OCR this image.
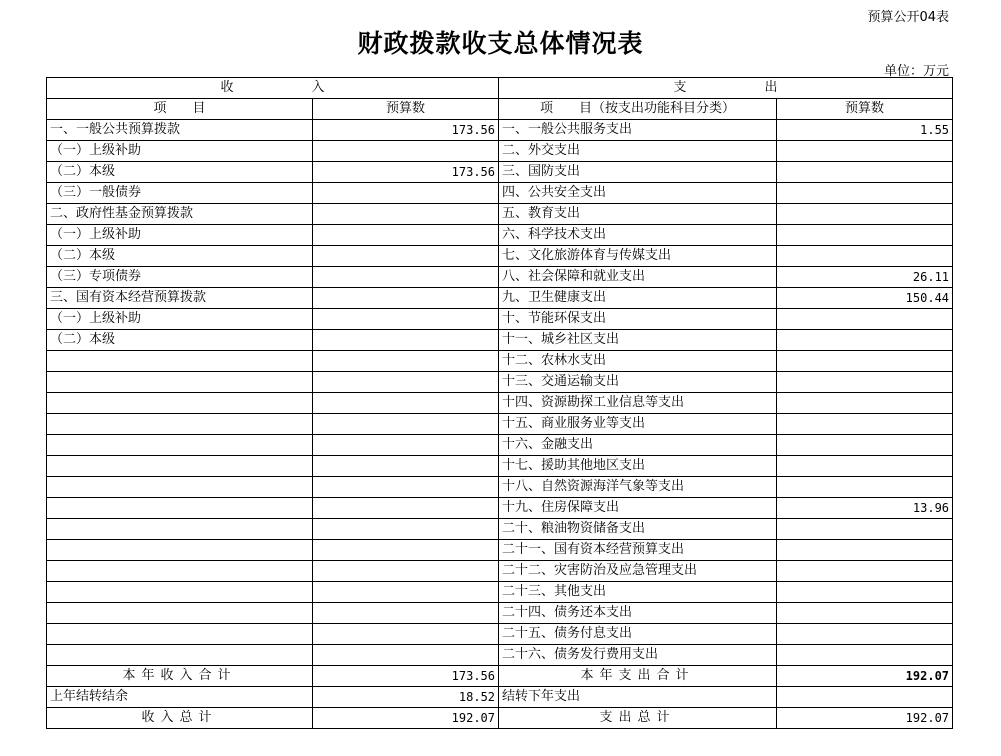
预算公开04表
财政拨款收支总体情况表
单位：万元
收　　　　　　入		支　　　　　　出	
项　　目	预算数	项　　目（按支出功能科目分类）	预算数
一、一般公共预算拨款	173.56	一、一般公共服务支出	1.55
（一）上级补助		二、外交支出	
（二）本级	173.56	三、国防支出	
（三）一般债券		四、公共安全支出	
二、政府性基金预算拨款		五、教育支出	
（一）上级补助		六、科学技术支出	
（二）本级		七、文化旅游体育与传媒支出	
（三）专项债券		八、社会保障和就业支出	26.11
三、国有资本经营预算拨款		九、卫生健康支出	150.44
（一）上级补助		十、节能环保支出	
（二）本级		十一、城乡社区支出	
		十二、农林水支出	
		十三、交通运输支出	
		十四、资源勘探工业信息等支出	
		十五、商业服务业等支出	
		十六、金融支出	
		十七、援助其他地区支出	
		十八、自然资源海洋气象等支出	
		十九、住房保障支出	13.96
		二十、粮油物资储备支出	
		二十一、国有资本经营预算支出	
		二十二、灾害防治及应急管理支出	
		二十三、其他支出	
		二十四、债务还本支出	
		二十五、债务付息支出	
		二十六、债务发行费用支出	
本年收入合计	173.56	本年支出合计	192.07
上年结转结余	18.52	结转下年支出	
收入总计	192.07	支出总计	192.07
